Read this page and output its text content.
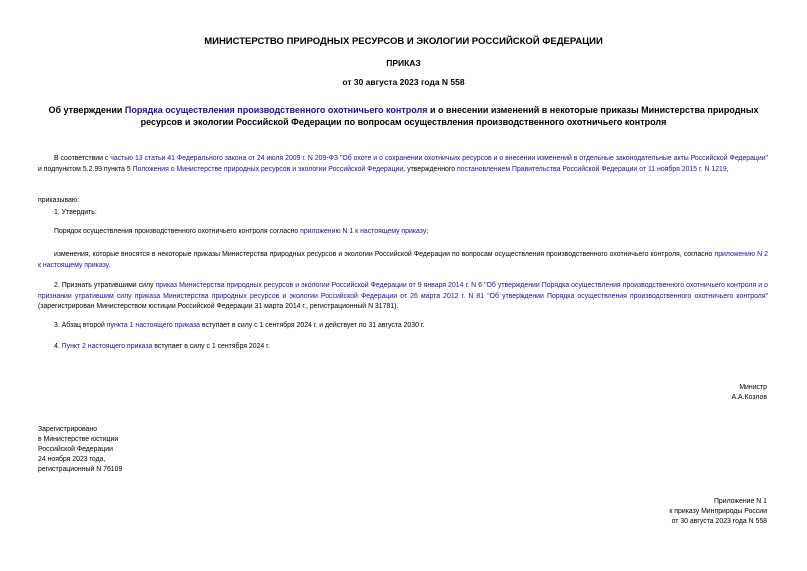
МИНИСТЕРСТВО ПРИРОДНЫХ РЕСУРСОВ И ЭКОЛОГИИ РОССИЙСКОЙ ФЕДЕРАЦИИ
ПРИКАЗ
от 30 августа 2023 года N 558
Об утверждении Порядка осуществления производственного охотничьего контроля и о внесении изменений в некоторые приказы Министерства природных ресурсов и экологии Российской Федерации по вопросам осуществления производственного охотничьего контроля
В соответствии с частью 13 статьи 41 Федерального закона от 24 июля 2009 г. N 209-ФЗ "Об охоте и о сохранении охотничьих ресурсов и о внесении изменений в отдельные законодательные акты Российской Федерации" и подпунктом 5.2.99 пункта 5 Положения о Министерстве природных ресурсов и экологии Российской Федерации, утвержденного постановлением Правительства Российской Федерации от 11 ноября 2015 г. N 1219,
приказываю:
1. Утвердить:
Порядок осуществления производственного охотничьего контроля согласно приложению N 1 к настоящему приказу;
изменения, которые вносятся в некоторые приказы Министерства природных ресурсов и экологии Российской Федерации по вопросам осуществления производственного охотничьего контроля, согласно приложению N 2 к настоящему приказу.
2. Признать утратившими силу приказ Министерства природных ресурсов и экологии Российской Федерации от 9 января 2014 г. N 6 "Об утверждении Порядка осуществления производственного охотничьего контроля и о признании утратившим силу приказа Министерства природных ресурсов и экологии Российской Федерации от 26 марта 2012 г. N 81 "Об утверждении Порядка осуществления производственного охотничьего контроля" (зарегистрирован Министерством юстиции Российской Федерации 31 марта 2014 г., регистрационный N 31781).
3. Абзац второй пункта 1 настоящего приказа вступает в силу с 1 сентября 2024 г. и действует по 31 августа 2030 г.
4. Пункт 2 настоящего приказа вступает в силу с 1 сентября 2024 г.
Министр
А.А.Козлов
Зарегистрировано
в Министерстве юстиции
Российской Федерации
24 ноября 2023 года,
регистрационный N 76109
Приложение N 1
к приказу Минприроды России
от 30 августа 2023 года N 558
